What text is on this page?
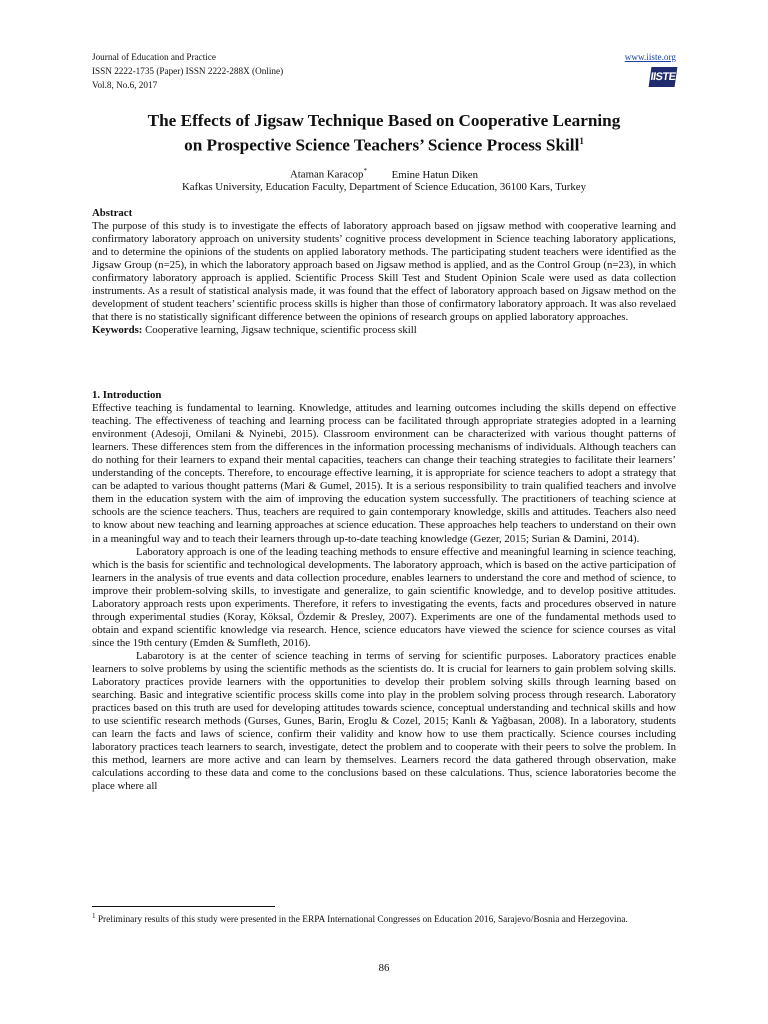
Journal of Education and Practice
ISSN 2222-1735 (Paper) ISSN 2222-288X (Online)
Vol.8, No.6, 2017
www.iiste.org
IISTE
The Effects of Jigsaw Technique Based on Cooperative Learning
on Prospective Science Teachers’ Science Process Skill$^1$
Ataman Karacop* Emine Hatun Diken
Kafkas University, Education Faculty, Department of Science Education, 36100 Kars, Turkey
Abstract
The purpose of this study is to investigate the effects of laboratory approach based on jigsaw method with cooperative learning and confirmatory laboratory approach on university students’ cognitive process development in Science teaching laboratory applications, and to determine the opinions of the students on applied laboratory methods. The participating student teachers were identified as the Jigsaw Group (n=25), in which the laboratory approach based on Jigsaw method is applied, and as the Control Group (n=23), in which confirmatory laboratory approach is applied. Scientific Process Skill Test and Student Opinion Scale were used as data collection instruments. As a result of statistical analysis made, it was found that the effect of laboratory approach based on Jigsaw method on the development of student teachers’ scientific process skills is higher than those of confirmatory laboratory approach. It was also revelaed that there is no statistically significant difference between the opinions of research groups on applied laboratory approaches.
Keywords: Cooperative learning, Jigsaw technique, scientific process skill
1. Introduction
Effective teaching is fundamental to learning. Knowledge, attitudes and learning outcomes including the skills depend on effective teaching. The effectiveness of teaching and learning process can be facilitated through appropriate strategies adopted in a learning environment (Adesoji, Omilani & Nyinebi, 2015). Classroom environment can be characterized with various thought patterns of learners. These differences stem from the differences in the information processing mechanisms of individuals. Although teachers can do nothing for their learners to expand their mental capacities, teachers can change their teaching strategies to facilitate their learners’ understanding of the concepts. Therefore, to encourage effective learning, it is appropriate for science teachers to adopt a strategy that can be adapted to various thought patterns (Mari & Gumel, 2015). It is a serious responsibility to train qualified teachers and involve them in the education system with the aim of improving the education system successfully. The practitioners of teaching science at schools are the science teachers. Thus, teachers are required to gain contemporary knowledge, skills and attitudes. Teachers also need to know about new teaching and learning approaches at science education. These approaches help teachers to understand on their own in a meaningful way and to teach their learners through up-to-date teaching knowledge (Gezer, 2015; Surian & Damini, 2014).
Laboratory approach is one of the leading teaching methods to ensure effective and meaningful learning in science teaching, which is the basis for scientific and technological developments. The laboratory approach, which is based on the active participation of learners in the analysis of true events and data collection procedure, enables learners to understand the core and method of science, to improve their problem-solving skills, to investigate and generalize, to gain scientific knowledge, and to develop positive attitudes. Laboratory approach rests upon experiments. Therefore, it refers to investigating the events, facts and procedures observed in nature through experimental studies (Koray, Köksal, Özdemir & Presley, 2007). Experiments are one of the fundamental methods used to obtain and expand scientific knowledge via research. Hence, science educators have viewed the science for science courses as vital since the 19th century (Emden & Sumfleth, 2016).
Labarotory is at the center of science teaching in terms of serving for scientific purposes. Laboratory practices enable learners to solve problems by using the scientific methods as the scientists do. It is crucial for learners to gain problem solving skills. Laboratory practices provide learners with the opportunities to develop their problem solving skills through learning based on searching. Basic and integrative scientific process skills come into play in the problem solving process through research. Laboratory practices based on this truth are used for developing attitudes towards science, conceptual understanding and technical skills and how to use scientific research methods (Gurses, Gunes, Barin, Eroglu & Cozel, 2015; Kanlı & Yağbasan, 2008). In a laboratory, students can learn the facts and laws of science, confirm their validity and know how to use them practically. Science courses including laboratory practices teach learners to search, investigate, detect the problem and to cooperate with their peers to solve the problem. In this method, learners are more active and can learn by themselves. Learners record the data gathered through observation, make calculations according to these data and come to the conclusions based on these calculations. Thus, science laboratories become the place where all
$^1$ Preliminary results of this study were presented in the ERPA International Congresses on Education 2016, Sarajevo/Bosnia and Herzegovina.
86
